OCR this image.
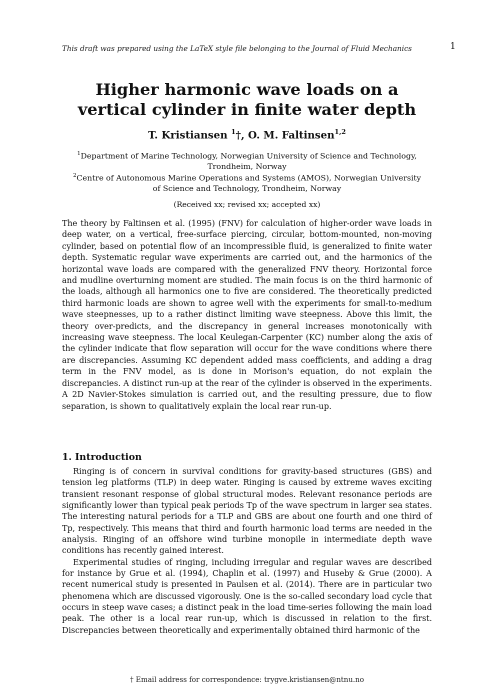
This draft was prepared using the LaTeX style file belonging to the Journal of Fluid Mechanics	1
Higher harmonic wave loads on a vertical cylinder in finite water depth
T. Kristiansen $^1$†, O. M. Faltinsen$^{1,2}$
$^1$Department of Marine Technology, Norwegian University of Science and Technology, Trondheim, Norway
$^2$Centre of Autonomous Marine Operations and Systems (AMOS), Norwegian University of Science and Technology, Trondheim, Norway
(Received xx; revised xx; accepted xx)
The theory by Faltinsen et al. (1995) (FNV) for calculation of higher-order wave loads in deep water, on a vertical, free-surface piercing, circular, bottom-mounted, non-moving cylinder, based on potential flow of an incompressible fluid, is generalized to finite water depth. Systematic regular wave experiments are carried out, and the harmonics of the horizontal wave loads are compared with the generalized FNV theory. Horizontal force and mudline overturning moment are studied. The main focus is on the third harmonic of the loads, although all harmonics one to five are considered. The theoretically predicted third harmonic loads are shown to agree well with the experiments for small-to-medium wave steepnesses, up to a rather distinct limiting wave steepness. Above this limit, the theory over-predicts, and the discrepancy in general increases monotonically with increasing wave steepness. The local Keulegan-Carpenter (KC) number along the axis of the cylinder indicate that flow separation will occur for the wave conditions where there are discrepancies. Assuming KC dependent added mass coefficients, and adding a drag term in the FNV model, as is done in Morison's equation, do not explain the discrepancies. A distinct run-up at the rear of the cylinder is observed in the experiments. A 2D Navier-Stokes simulation is carried out, and the resulting pressure, due to flow separation, is shown to qualitatively explain the local rear run-up.
1. Introduction

Ringing is of concern in survival conditions for gravity-based structures (GBS) and tension leg platforms (TLP) in deep water. Ringing is caused by extreme waves exciting transient resonant response of global structural modes. Relevant resonance periods are significantly lower than typical peak periods Tp of the wave spectrum in larger sea states. The interesting natural periods for a TLP and GBS are about one fourth and one third of Tp, respectively. This means that third and fourth harmonic load terms are needed in the analysis. Ringing of an offshore wind turbine monopile in intermediate depth wave conditions has recently gained interest.

Experimental studies of ringing, including irregular and regular waves are described for instance by Grue et al. (1994), Chaplin et al. (1997) and Huseby & Grue (2000). A recent numerical study is presented in Paulsen et al. (2014). There are in particular two phenomena which are discussed vigorously. One is the so-called secondary load cycle that occurs in steep wave cases; a distinct peak in the load time-series following the main load peak. The other is a local rear run-up, which is discussed in relation to the first. Discrepancies between theoretically and experimentally obtained third harmonic of the

† Email address for correspondence: trygve.kristiansen@ntnu.no
